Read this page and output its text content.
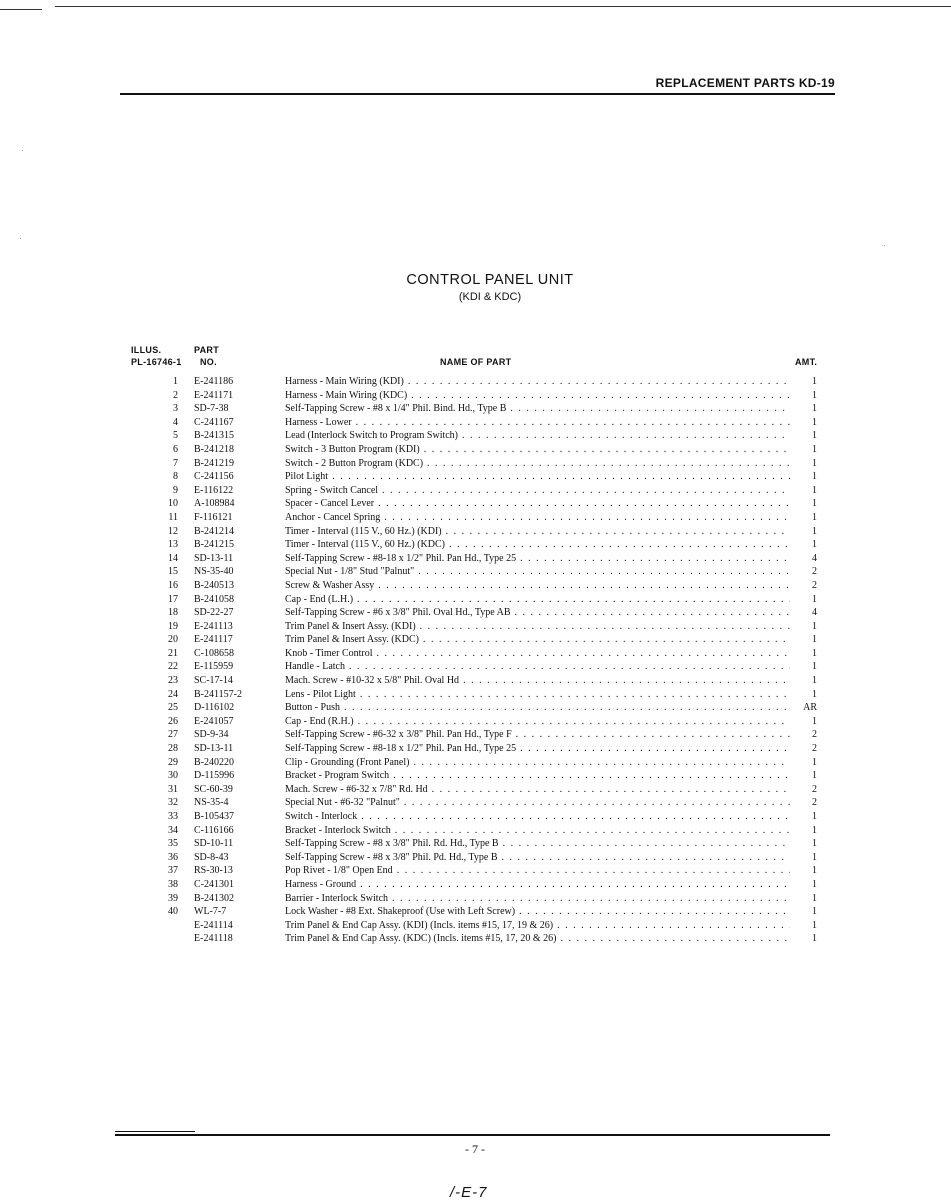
REPLACEMENT PARTS KD-19
CONTROL PANEL UNIT
(KDI & KDC)
ILLUS.
PL-16746-1
PART
NO.	NAME OF PART	AMT.
1 E-241186	Harness - Main Wiring (KDI) . . .	1
2 E-241171	Harness - Main Wiring (KDC) . . .	1
3 SD-7-38	Self-Tapping Screw - #8 x 1/4" Phil. Bind. Hd., Type B . . .	1
4 C-241167	Harness - Lower . . .	1
5 B-241315	Lead (Interlock Switch to Program Switch) . . .	1
6 B-241218	Switch - 3 Button Program (KDI) . . .	1
7 B-241219	Switch - 2 Button Program (KDC) . . .	1
8 C-241156	Pilot Light . . .	1
9 E-116122	Spring - Switch Cancel . . .	1
10 A-108984	Spacer - Cancel Lever . . .	1
11 F-116121	Anchor - Cancel Spring . . .	1
12 B-241214	Timer - Interval (115 V., 60 Hz.) (KDI) . . .	1
13 B-241215	Timer - Interval (115 V., 60 Hz.) (KDC) . . .	1
14 SD-13-11	Self-Tapping Screw - #8-18 x 1/2" Phil. Pan Hd., Type 25 . . .	4
15 NS-35-40	Special Nut - 1/8" Stud "Palnut" . . .	2
16 B-240513	Screw & Washer Assy . . .	2
17 B-241058	Cap - End (L.H.) . . .	1
18 SD-22-27	Self-Tapping Screw - #6 x 3/8" Phil. Oval Hd., Type AB . . .	4
19 E-241113	Trim Panel & Insert Assy. (KDI) . . .	1
20 E-241117	Trim Panel & Insert Assy. (KDC) . . .	1
21 C-108658	Knob - Timer Control . . .	1
22 E-115959	Handle - Latch . . .	1
23 SC-17-14	Mach. Screw - #10-32 x 5/8" Phil. Oval Hd . . .	1
24 B-241157-2	Lens - Pilot Light . . .	1
25 D-116102	Button - Push . . .	AR
26 E-241057	Cap - End (R.H.) . . .	1
27 SD-9-34	Self-Tapping Screw - #6-32 x 3/8" Phil. Pan Hd., Type F . . .	2
28 SD-13-11	Self-Tapping Screw - #8-18 x 1/2" Phil. Pan Hd., Type 25 . . .	2
29 B-240220	Clip - Grounding (Front Panel) . . .	1
30 D-115996	Bracket - Program Switch . . .	1
31 SC-60-39	Mach. Screw - #6-32 x 7/8" Rd. Hd . . .	2
32 NS-35-4	Special Nut - #6-32 "Palnut" . . .	2
33 B-105437	Switch - Interlock . . .	1
34 C-116166	Bracket - Interlock Switch . . .	1
35 SD-10-11	Self-Tapping Screw - #8 x 3/8" Phil. Rd. Hd., Type B . . .	1
36 SD-8-43	Self-Tapping Screw - #8 x 3/8" Phil. Pd. Hd., Type B . . .	1
37 RS-30-13	Pop Rivet - 1/8" Open End . . .	1
38 C-241301	Harness - Ground . . .	1
39 B-241302	Barrier - Interlock Switch . . .	1
40 WL-7-7	Lock Washer - #8 Ext. Shakeproof (Use with Left Screw) . . .	1
E-241114	Trim Panel & End Cap Assy. (KDI) (Incls. items #15, 17, 19 & 26) . . .	1
E-241118	Trim Panel & End Cap Assy. (KDC) (Incls. items #15, 17, 20 & 26) . . .	1
- 7 -
/-E-7
